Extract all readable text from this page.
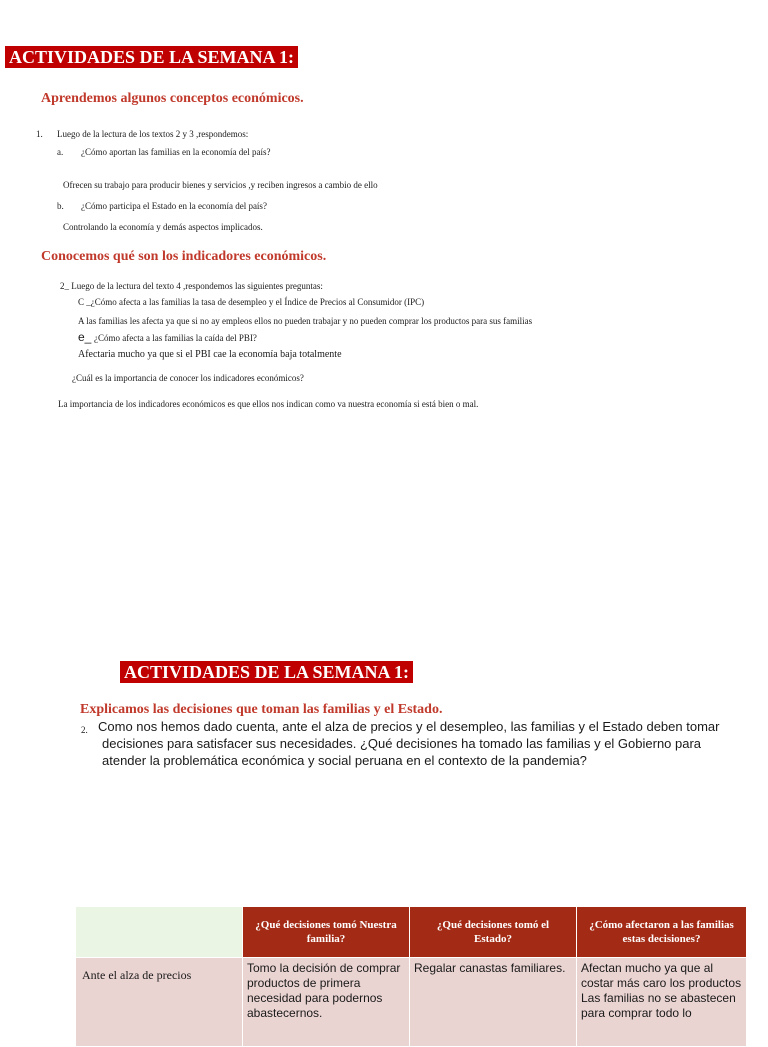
ACTIVIDADES DE LA SEMANA 1:
Aprendemos algunos conceptos económicos.
1. Luego de la lectura de los textos 2 y 3 ,respondemos:
a. ¿Cómo aportan las familias en la economía del país?
Ofrecen su trabajo para producir bienes y servicios ,y reciben ingresos a cambio de ello
b. ¿Cómo participa el Estado en la economía del país?
Controlando la economía y demás aspectos implicados.
Conocemos qué son los indicadores económicos.
2_ Luego de la lectura del texto 4 ,respondemos las siguientes preguntas:
C _¿Cómo afecta a las familias la tasa de desempleo y el Índice de Precios al Consumidor (IPC)
A las familias les afecta ya que si no ay empleos ellos no pueden trabajar y no pueden comprar los productos para sus familias
e_ ¿Cómo afecta a las familias la caída del PBI?
Afectaria mucho ya que si el PBI cae la economía baja totalmente
¿Cuál es la importancia de conocer los indicadores económicos?
La importancia de los indicadores económicos es que ellos nos indican como va nuestra economía si está bien o mal.
ACTIVIDADES DE LA SEMANA 1:
Explicamos las decisiones que toman las familias y el Estado.
2. Como nos hemos dado cuenta, ante el alza de precios y el desempleo, las familias y el Estado deben tomar decisiones para satisfacer sus necesidades. ¿Qué decisiones ha tomado las familias y el Gobierno para atender la problemática económica y social peruana en el contexto de la pandemia?
	¿Qué decisiones tomó Nuestra familia?	¿Qué decisiones tomó el Estado?	¿Cómo afectaron a las familias estas decisiones?
Ante el alza de precios	Tomo la decisión de comprar productos de primera necesidad para podernos abastecernos.	Regalar canastas familiares.	Afectan mucho ya que al costar más caro los productos Las familias no se abastecen para comprar todo lo
